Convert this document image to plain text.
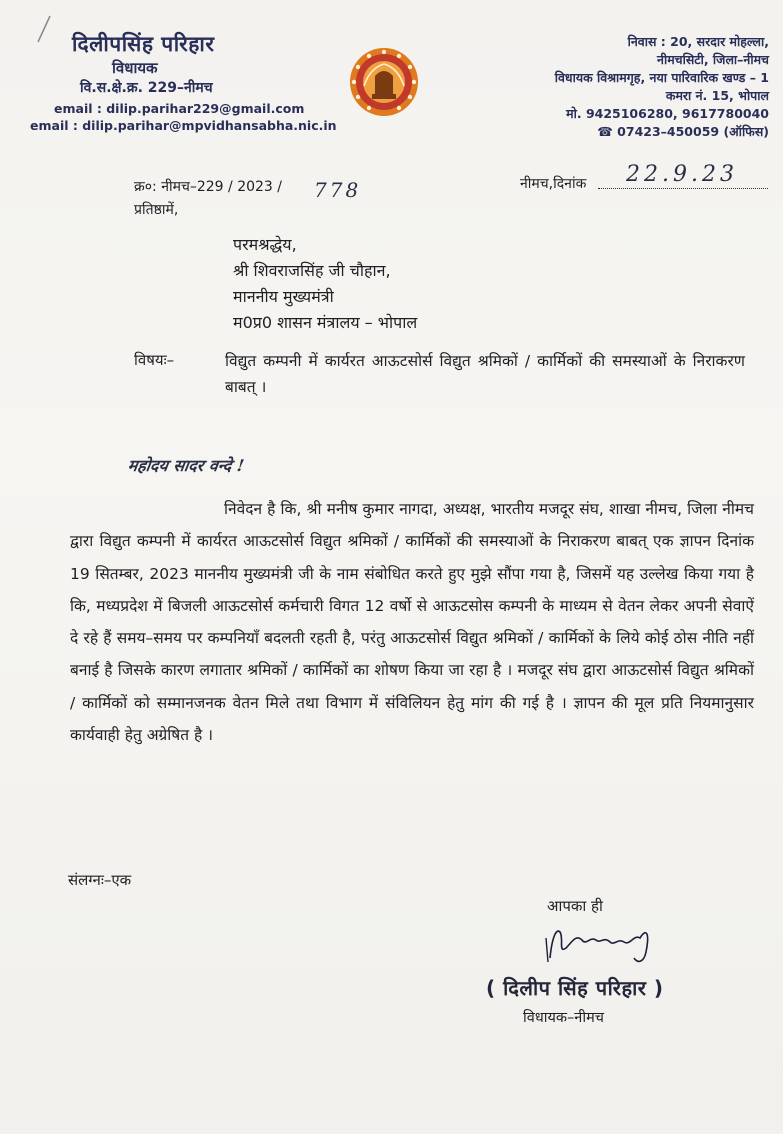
दिलीपसिंह परिहार
विधायक
वि.स.क्षे.क्र. 229–नीमच
email : dilip.parihar229@gmail.com
email : dilip.parihar@mpvidhansabha.nic.in
निवास : 20, सरदार मोहल्ला,
नीमचसिटी, जिला–नीमच
विधायक विश्रामगृह, नया पारिवारिक खण्ड – 1
कमरा नं. 15, भोपाल
मो. 9425106280, 9617780040
☎ 07423–450059 (ऑफिस)
क्र०: नीमच–229 / 2023 / 778	नीमच,दिनांक 22.9.23
प्रतिष्ठामें,
परमश्रद्धेय,
श्री शिवराजसिंह जी चौहान,
माननीय मुख्यमंत्री
म0प्र0 शासन मंत्रालय – भोपाल
विषयः–	विद्युत कम्पनी में कार्यरत आऊटसोर्स विद्युत श्रमिकों / कार्मिकों की समस्याओं के निराकरण बाबत् ।
महोदय सादर वन्दे !
निवेदन है कि, श्री मनीष कुमार नागदा, अध्यक्ष, भारतीय मजदूर संघ, शाखा नीमच, जिला नीमच द्वारा विद्युत कम्पनी में कार्यरत आऊटसोर्स विद्युत श्रमिकों / कार्मिकों की समस्याओं के निराकरण बाबत् एक ज्ञापन दिनांक 19 सितम्बर, 2023 माननीय मुख्यमंत्री जी के नाम संबोधित करते हुए मुझे सौंपा गया है, जिसमें यह उल्लेख किया गया है कि, मध्यप्रदेश में बिजली आऊटसोर्स कर्मचारी विगत 12 वर्षो से आऊटसोस कम्पनी के माध्यम से वेतन लेकर अपनी सेवाऐं दे रहे हैं समय–समय पर कम्पनियॉं बदलती रहती है, परंतु आऊटसोर्स विद्युत श्रमिकों / कार्मिकों के लिये कोई ठोस नीति नहीं बनाई है जिसके कारण लगातार श्रमिकों / कार्मिकों का शोषण किया जा रहा है । मजदूर संघ द्वारा आऊटसोर्स विद्युत श्रमिकों / कार्मिकों को सम्मानजनक वेतन मिले तथा विभाग में संविलियन हेतु मांग की गई है । ज्ञापन की मूल प्रति नियमानुसार कार्यवाही हेतु अग्रेषित है ।
संलग्नः–एक
आपका ही
( दिलीप सिंह परिहार )
विधायक–नीमच
